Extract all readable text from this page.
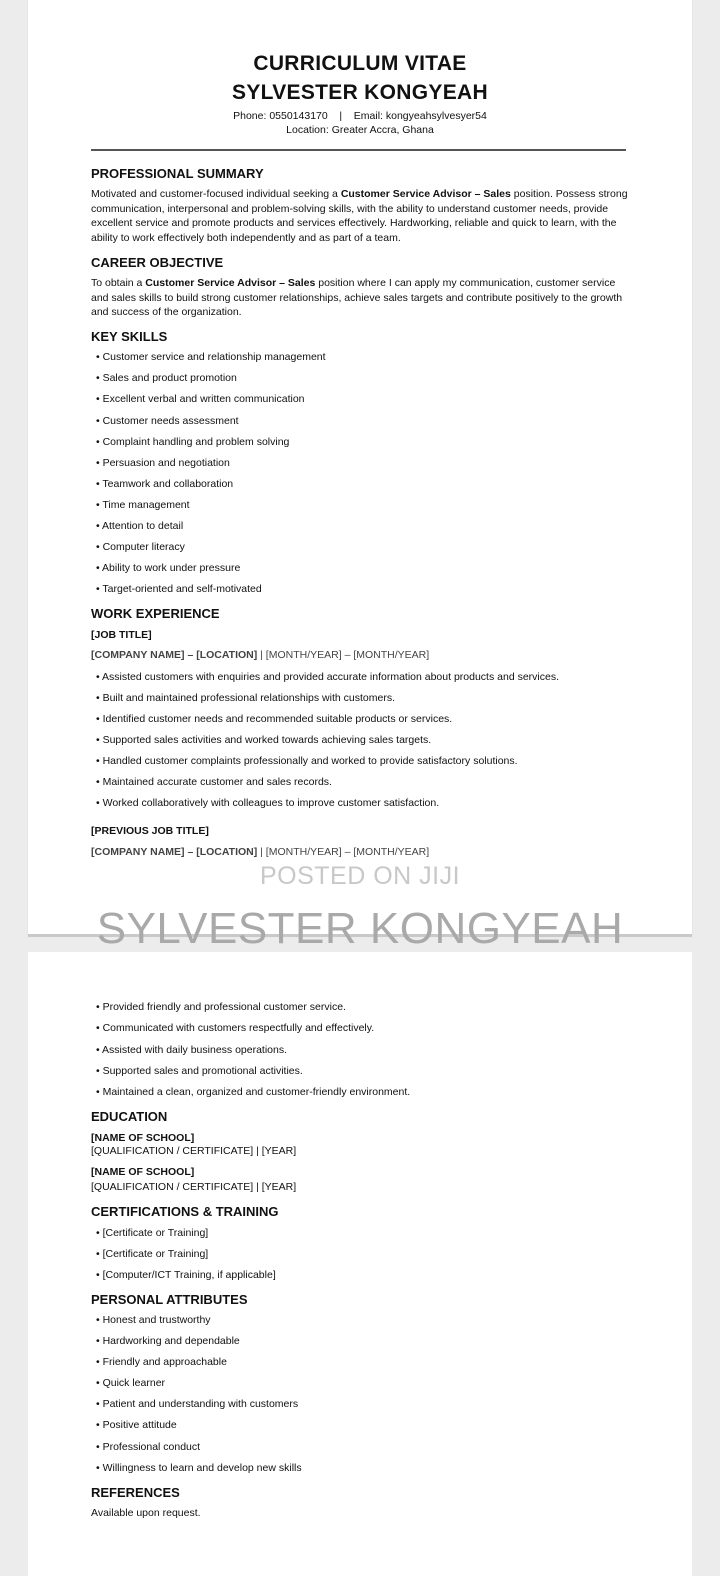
CURRICULUM VITAE

SYLVESTER KONGYEAH

Phone: 0550143170    |    Email: kongyeahsylvesyer54

Location: Greater Accra, Ghana

PROFESSIONAL SUMMARY

Motivated and customer-focused individual seeking a Customer Service Advisor – Sales position. Possess strong communication, interpersonal and problem-solving skills, with the ability to understand customer needs, provide excellent service and promote products and services effectively. Hardworking, reliable and quick to learn, with the ability to work effectively both independently and as part of a team.

CAREER OBJECTIVE

To obtain a Customer Service Advisor – Sales position where I can apply my communication, customer service and sales skills to build strong customer relationships, achieve sales targets and contribute positively to the growth and success of the organization.

KEY SKILLS

• Customer service and relationship management

• Sales and product promotion

• Excellent verbal and written communication

• Customer needs assessment

• Complaint handling and problem solving

• Persuasion and negotiation

• Teamwork and collaboration

• Time management

• Attention to detail

• Computer literacy

• Ability to work under pressure

• Target-oriented and self-motivated

WORK EXPERIENCE

[JOB TITLE]

[COMPANY NAME] – [LOCATION] | [MONTH/YEAR] – [MONTH/YEAR]

• Assisted customers with enquiries and provided accurate information about products and services.

• Built and maintained professional relationships with customers.

• Identified customer needs and recommended suitable products or services.

• Supported sales activities and worked towards achieving sales targets.

• Handled customer complaints professionally and worked to provide satisfactory solutions.

• Maintained accurate customer and sales records.

• Worked collaboratively with colleagues to improve customer satisfaction.

[PREVIOUS JOB TITLE]

[COMPANY NAME] – [LOCATION] | [MONTH/YEAR] – [MONTH/YEAR]

POSTED ON JIJI

SYLVESTER KONGYEAH

• Provided friendly and professional customer service.

• Communicated with customers respectfully and effectively.

• Assisted with daily business operations.

• Supported sales and promotional activities.

• Maintained a clean, organized and customer-friendly environment.

EDUCATION

[NAME OF SCHOOL]

[QUALIFICATION / CERTIFICATE] | [YEAR]

[NAME OF SCHOOL]

[QUALIFICATION / CERTIFICATE] | [YEAR]

CERTIFICATIONS & TRAINING

• [Certificate or Training]

• [Certificate or Training]

• [Computer/ICT Training, if applicable]

PERSONAL ATTRIBUTES

• Honest and trustworthy

• Hardworking and dependable

• Friendly and approachable

• Quick learner

• Patient and understanding with customers

• Positive attitude

• Professional conduct

• Willingness to learn and develop new skills

REFERENCES

Available upon request.
